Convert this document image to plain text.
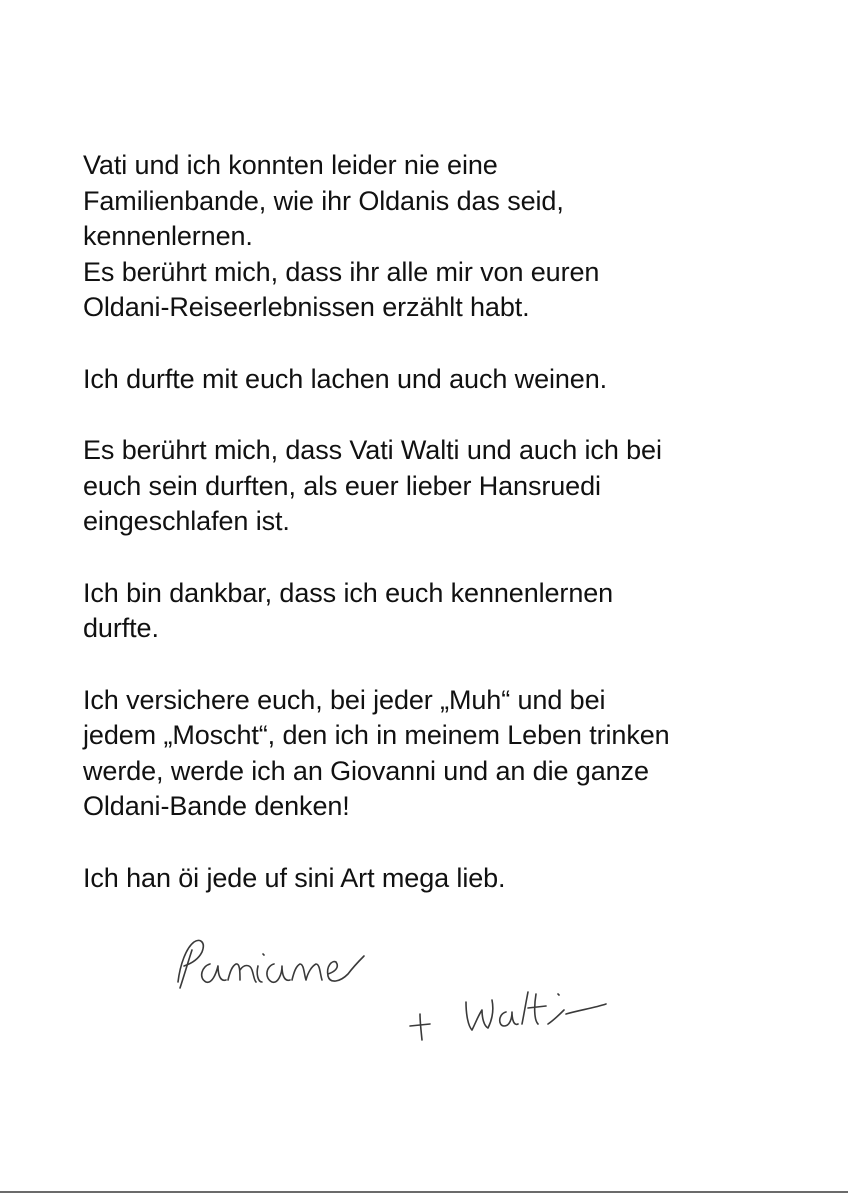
Vati und ich konnten leider nie eine
Familienbande, wie ihr Oldanis das seid,
kennenlernen.
Es berührt mich, dass ihr alle mir von euren
Oldani-Reiseerlebnissen erzählt habt.

Ich durfte mit euch lachen und auch weinen.

Es berührt mich, dass Vati Walti und auch ich bei
euch sein durften, als euer lieber Hansruedi
eingeschlafen ist.

Ich bin dankbar, dass ich euch kennenlernen
durfte.

Ich versichere euch, bei jeder „Muh“ und bei
jedem „Moscht“, den ich in meinem Leben trinken
werde, werde ich an Giovanni und an die ganze
Oldani-Bande denken!

Ich han öi jede uf sini Art mega lieb.
